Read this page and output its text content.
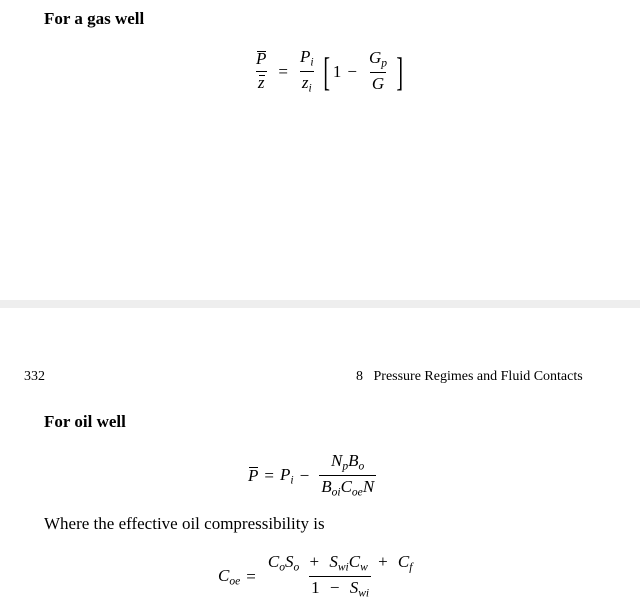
For a gas well
$\frac{P}{z} = \frac{P_i}{z_i}$ [ $1 - \frac{G_p}{G}$ ]
332	8   Pressure Regimes and Fluid Contacts
For oil well
$P = P_i - \frac{N_pB_o}{B_{oi}C_{oe}N}$
Where the effective oil compressibility is
$C_{oe} = \frac{C_oS_o + S_{wi}C_w + C_f}{1 - S_{wi}}$
